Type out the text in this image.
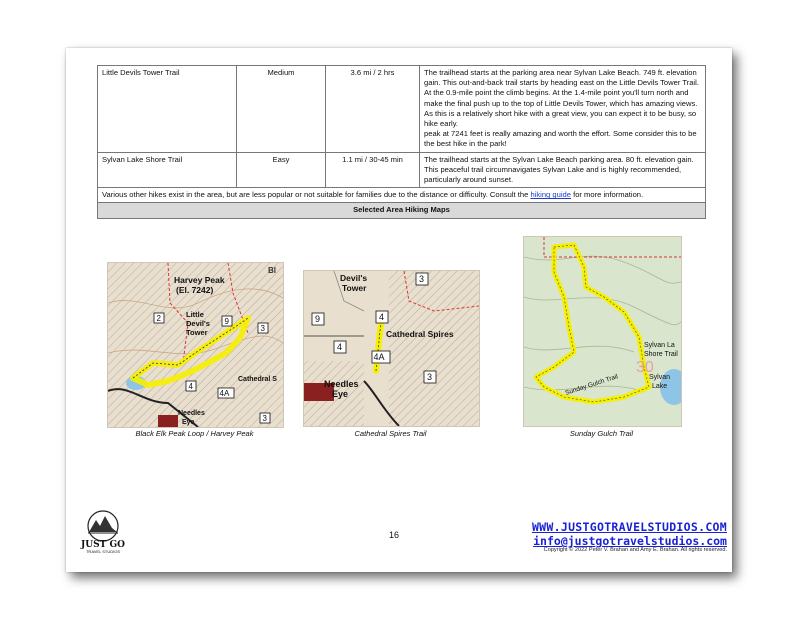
Little Devils Tower Trail	Medium	3.6 mi / 2 hrs	The trailhead starts at the parking area near Sylvan Lake Beach. 749 ft. elevation gain. This out-and-back trail starts by heading east on the Little Devils Tower Trail. At the 0.9-mile point the climb begins. At the 1.4-mile point you'll turn north and make the final push up to the top of Little Devils Tower, which has amazing views. As this is a relatively short hike with a great view, you can expect it to be busy, so hike early.
peak at 7241 feet is really amazing and worth the effort. Some consider this to be the best hike in the park!
Sylvan Lake Shore Trail	Easy	1.1 mi / 30-45 min	The trailhead starts at the Sylvan Lake Beach parking area. 80 ft. elevation gain. This peaceful trail circumnavigates Sylvan Lake and is highly recommended, particularly around sunset.
Various other hikes exist in the area, but are less popular or not suitable for families due to the distance or difficulty. Consult the hiking guide for more information.			
Selected Area Hiking Maps			
Harvey Peak
(El. 7242)
Little
Devil's
Tower
Cathedral S
Needles
Eye
Bl
9
3
2
4
4A
3
Black Elk Peak Loop / Harvey Peak
Devil's
Tower
Cathedral Spires
Needles
Eye
3
9	4
4
4A
3
Cathedral Spires Trail
30
Sylvan La
Shore Trail
Sylvan
Lake
Sunday Gulch Trail
Sunday Gulch Trail
JUST GO
TRAVEL STUDIOS
16
WWW.JUSTGOTRAVELSTUDIOS.COM
info@justgotravelstudios.com
Copyright © 2022 Peter V. Brahan and Amy E. Brahan. All rights reserved.
